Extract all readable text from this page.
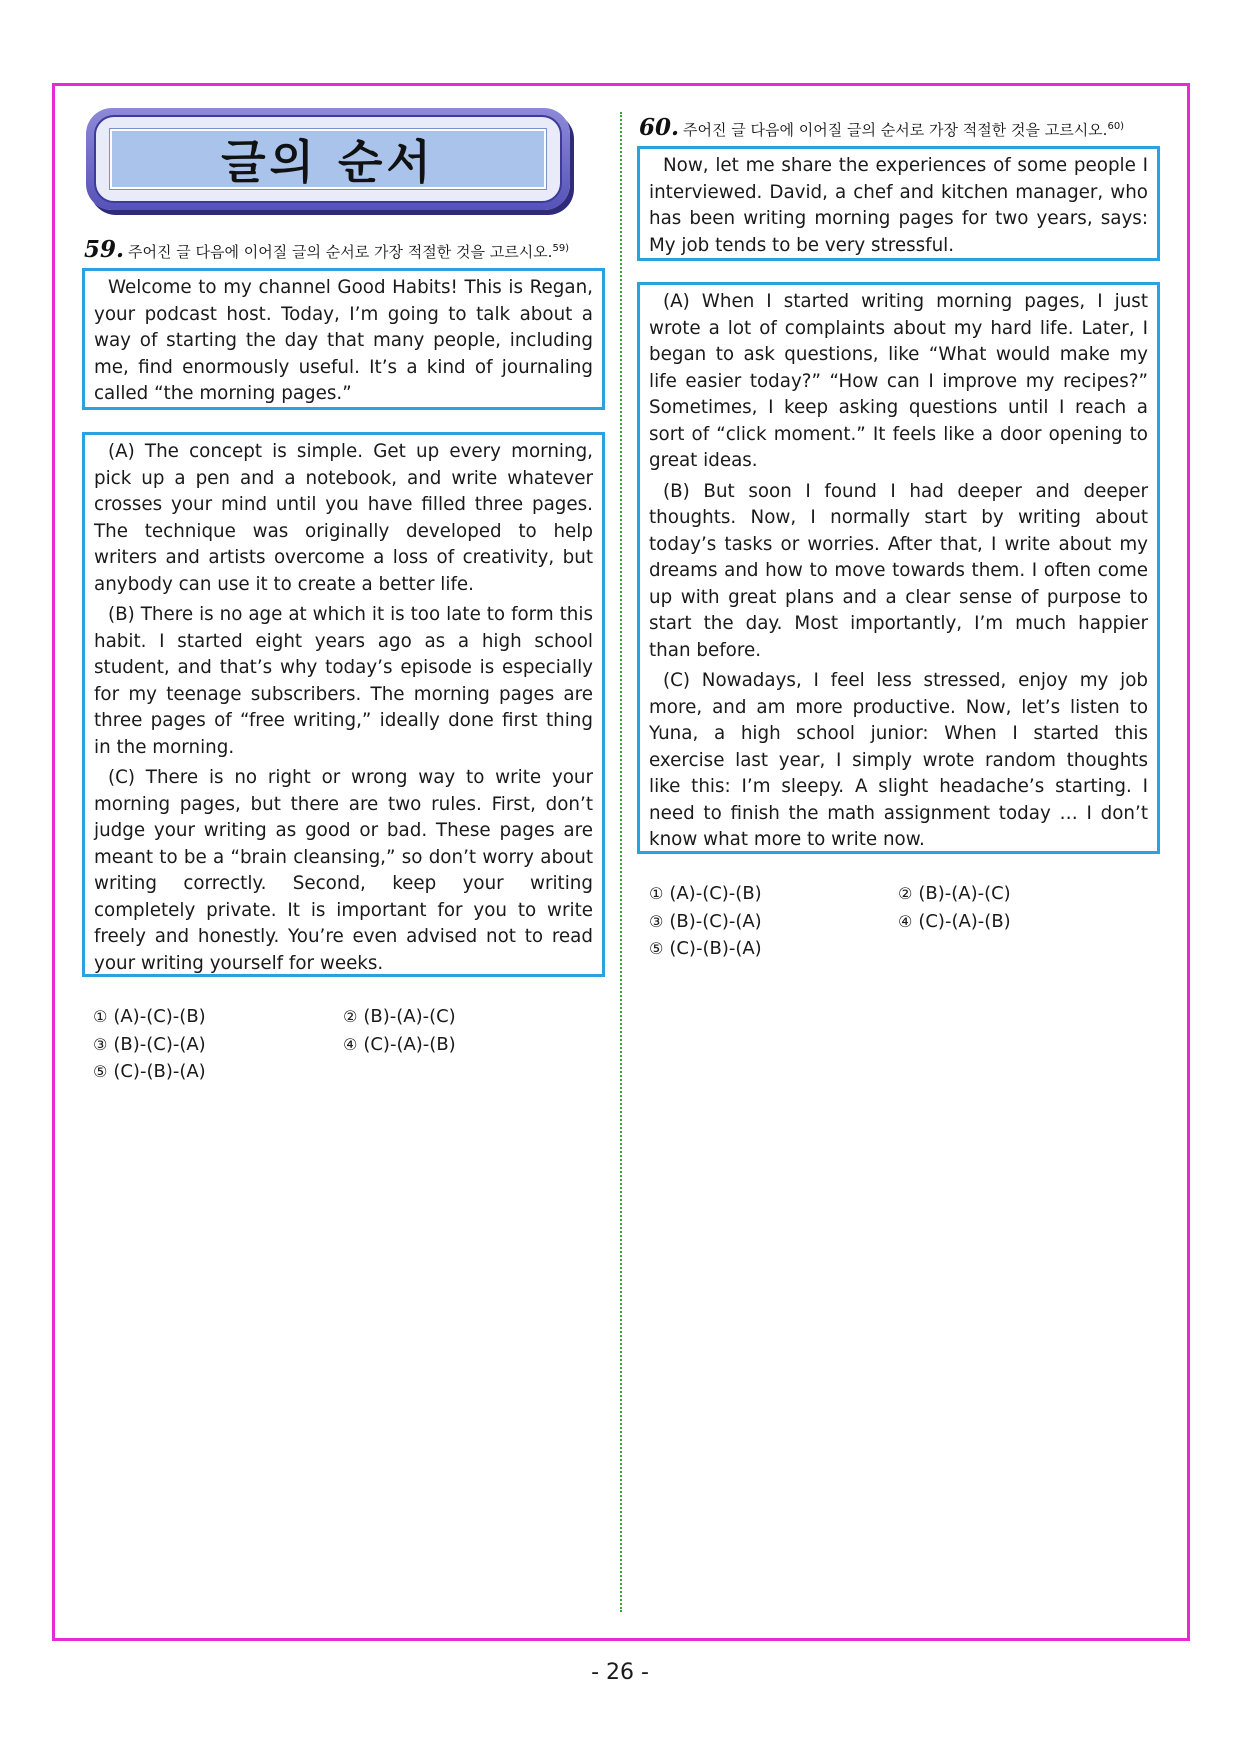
글의 순서
59. 주어진 글 다음에 이어질 글의 순서로 가장 적절한 것을 고르시오.$^{59)}$

Welcome to my channel Good Habits! This is Regan, your podcast host. Today, I’m going to talk about a way of starting the day that many people, including me, find enormously useful. It’s a kind of journaling called “the morning pages.”

(A) The concept is simple. Get up every morning, pick up a pen and a notebook, and write whatever crosses your mind until you have filled three pages. The technique was originally developed to help writers and artists overcome a loss of creativity, but anybody can use it to create a better life.

(B) There is no age at which it is too late to form this habit. I started eight years ago as a high school student, and that’s why today’s episode is especially for my teenage subscribers. The morning pages are three pages of “free writing,” ideally done first thing in the morning.

(C) There is no right or wrong way to write your morning pages, but there are two rules. First, don’t judge your writing as good or bad. These pages are meant to be a “brain cleansing,” so don’t worry about writing correctly. Second, keep your writing completely private. It is important for you to write freely and honestly. You’re even advised not to read your writing yourself for weeks.

① (A)-(C)-(B)	② (B)-(A)-(C)
③ (B)-(C)-(A)	④ (C)-(A)-(B)
⑤ (C)-(B)-(A)
60. 주어진 글 다음에 이어질 글의 순서로 가장 적절한 것을 고르시오.$^{60)}$

Now, let me share the experiences of some people I interviewed. David, a chef and kitchen manager, who has been writing morning pages for two years, says: My job tends to be very stressful.

(A) When I started writing morning pages, I just wrote a lot of complaints about my hard life. Later, I began to ask questions, like “What would make my life easier today?” “How can I improve my recipes?” Sometimes, I keep asking questions until I reach a sort of “click moment.” It feels like a door opening to great ideas.

(B) But soon I found I had deeper and deeper thoughts. Now, I normally start by writing about today’s tasks or worries. After that, I write about my dreams and how to move towards them. I often come up with great plans and a clear sense of purpose to start the day. Most importantly, I’m much happier than before.

(C) Nowadays, I feel less stressed, enjoy my job more, and am more productive. Now, let’s listen to Yuna, a high school junior: When I started this exercise last year, I simply wrote random thoughts like this: I’m sleepy. A slight headache’s starting. I need to finish the math assignment today … I don’t know what more to write now.

① (A)-(C)-(B)	② (B)-(A)-(C)
③ (B)-(C)-(A)	④ (C)-(A)-(B)
⑤ (C)-(B)-(A)
- 26 -
